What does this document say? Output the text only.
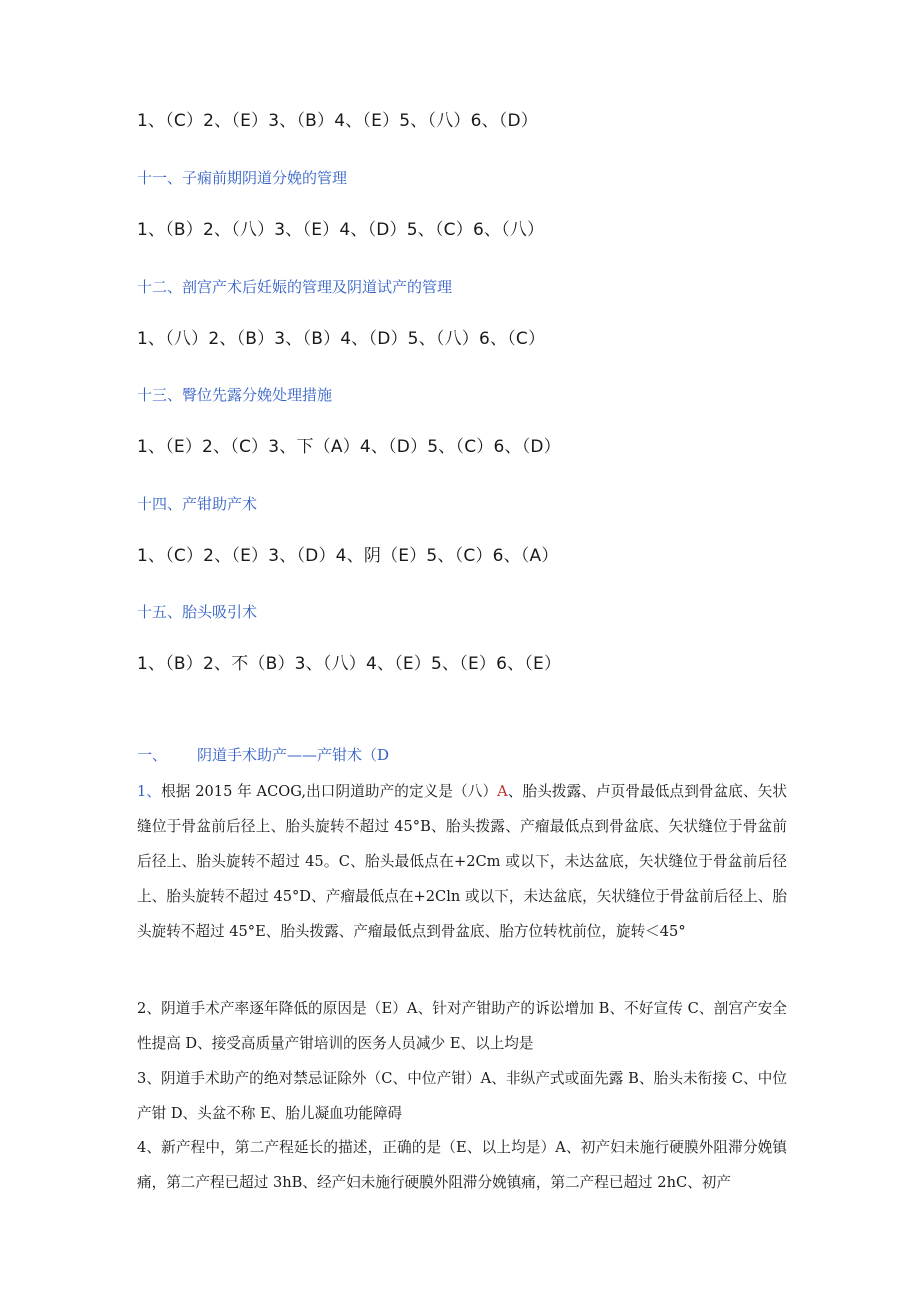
1、（C）2、（E）3、（B）4、（E）5、（八）6、（D）
十一、子痫前期阴道分娩的管理
1、（B）2、（八）3、（E）4、（D）5、（C）6、（八）
十二、剖宫产术后妊娠的管理及阴道试产的管理
1、（八）2、（B）3、（B）4、（D）5、（八）6、（C）
十三、臀位先露分娩处理措施
1、（E）2、（C）3、下（A）4、（D）5、（C）6、（D）
十四、产钳助产术
1、（C）2、（E）3、（D）4、阴（E）5、（C）6、（A）
十五、胎头吸引术
1、（B）2、不（B）3、（八）4、（E）5、（E）6、（E）
一、 阴道手术助产——产钳术（D
1、根据 2015 年 ACOG,出口阴道助产的定义是（八）A、胎头拨露、卢页骨最低点到骨盆底、矢状缝位于骨盆前后径上、胎头旋转不超过 45°B、胎头拨露、产瘤最低点到骨盆底、矢状缝位于骨盆前后径上、胎头旋转不超过 45。C、胎头最低点在+2Cm 或以下，未达盆底，矢状缝位于骨盆前后径上、胎头旋转不超过 45°D、产瘤最低点在+2Cln 或以下，未达盆底，矢状缝位于骨盆前后径上、胎头旋转不超过 45°E、胎头拨露、产瘤最低点到骨盆底、胎方位转枕前位，旋转＜45°
2、阴道手术产率逐年降低的原因是（E）A、针对产钳助产的诉讼增加 B、不好宣传 C、剖宫产安全性提高 D、接受高质量产钳培训的医务人员减少 E、以上均是
3、阴道手术助产的绝对禁忌证除外（C、中位产钳）A、非纵产式或面先露 B、胎头未衔接 C、中位产钳 D、头盆不称 E、胎儿凝血功能障碍
4、新产程中，第二产程延长的描述，正确的是（E、以上均是）A、初产妇未施行硬膜外阻滞分娩镇痛，第二产程已超过 3hB、经产妇未施行硬膜外阻滞分娩镇痛，第二产程已超过 2hC、初产
